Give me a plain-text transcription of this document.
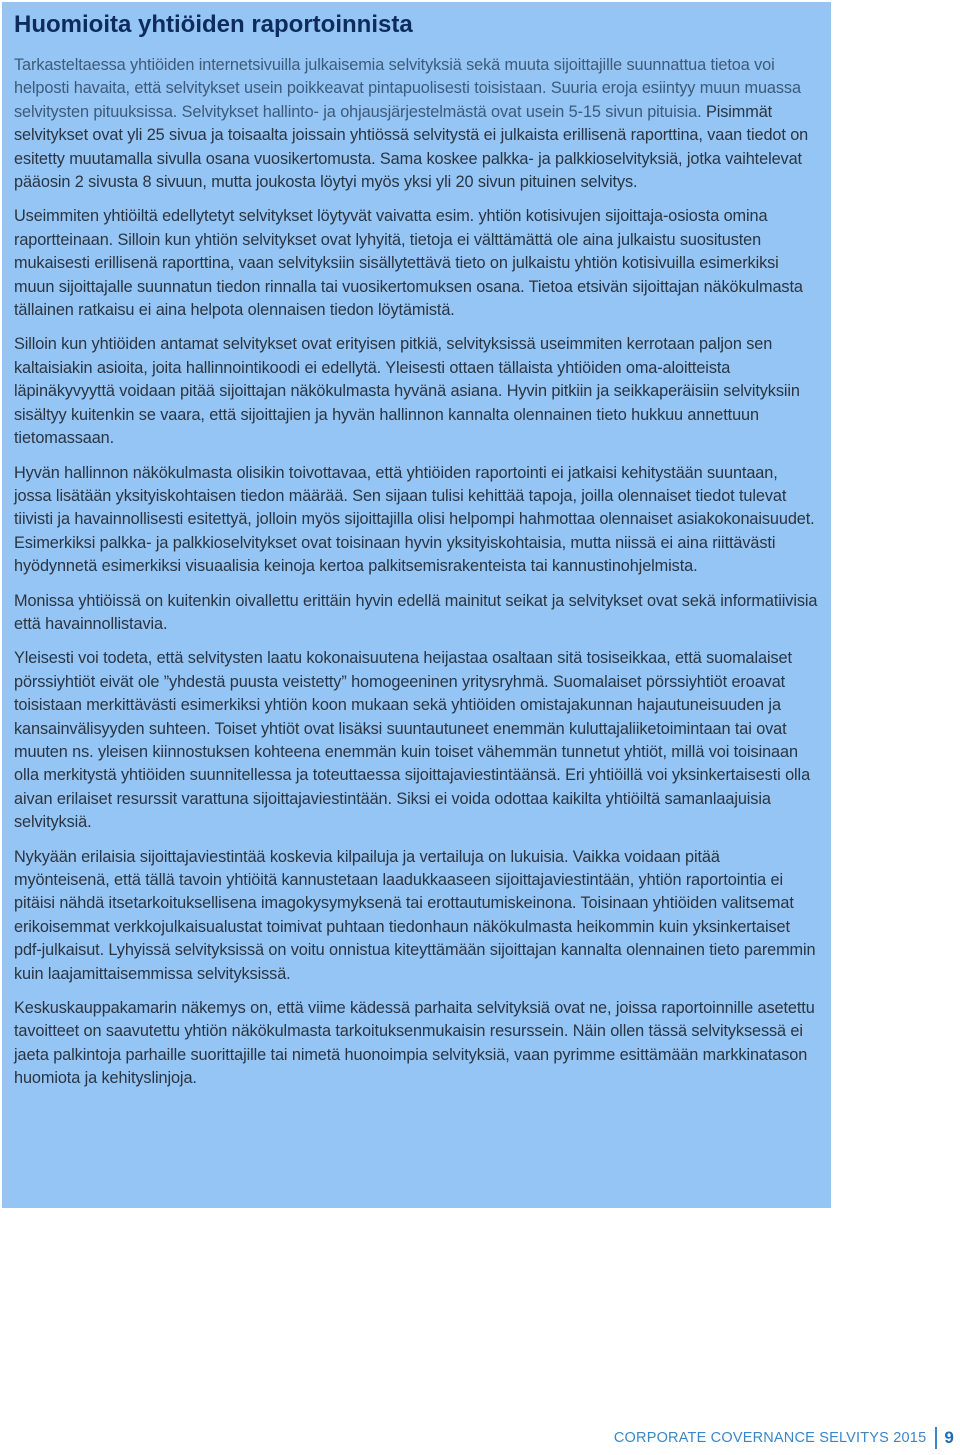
Huomioita yhtiöiden raportoinnista

Tarkasteltaessa yhtiöiden internetsivuilla julkaisemia selvityksiä sekä muuta sijoittajille suunnattua tietoa voi helposti havaita, että selvitykset usein poikkeavat pintapuolisesti toisistaan. Suuria eroja esiintyy muun muassa selvitysten pituuksissa. Selvitykset hallinto- ja ohjausjärjestelmästä ovat usein 5-15 sivun pituisia. Pisimmät selvitykset ovat yli 25 sivua ja toisaalta joissain yhtiössä selvitystä ei julkaista erillisenä raporttina, vaan tiedot on esitetty muutamalla sivulla osana vuosikertomusta. Sama koskee palkka- ja palkkioselvityksiä, jotka vaihtelevat pääosin 2 sivusta 8 sivuun, mutta joukosta löytyi myös yksi yli 20 sivun pituinen selvitys.

Useimmiten yhtiöiltä edellytetyt selvitykset löytyvät vaivatta esim. yhtiön kotisivujen sijoittaja-osiosta omina raportteinaan. Silloin kun yhtiön selvitykset ovat lyhyitä, tietoja ei välttämättä ole aina julkaistu suositusten mukaisesti erillisenä raporttina, vaan selvityksiin sisällytettävä tieto on julkaistu yhtiön kotisivuilla esimerkiksi muun sijoittajalle suunnatun tiedon rinnalla tai vuosikertomuksen osana. Tietoa etsivän sijoittajan näkökulmasta tällainen ratkaisu ei aina helpota olennaisen tiedon löytämistä.

Silloin kun yhtiöiden antamat selvitykset ovat erityisen pitkiä, selvityksissä useimmiten kerrotaan paljon sen kaltaisiakin asioita, joita hallinnointikoodi ei edellytä. Yleisesti ottaen tällaista yhtiöiden oma-aloitteista läpinäkyvyyttä voidaan pitää sijoittajan näkökulmasta hyvänä asiana. Hyvin pitkiin ja seikkaperäisiin selvityksiin sisältyy kuitenkin se vaara, että sijoittajien ja hyvän hallinnon kannalta olennainen tieto hukkuu annettuun tietomassaan.

Hyvän hallinnon näkökulmasta olisikin toivottavaa, että yhtiöiden raportointi ei jatkaisi kehitystään suuntaan, jossa lisätään yksityiskohtaisen tiedon määrää. Sen sijaan tulisi kehittää tapoja, joilla olennaiset tiedot tulevat tiivisti ja havainnollisesti esitettyä, jolloin myös sijoittajilla olisi helpompi hahmottaa olennaiset asiakokonaisuudet. Esimerkiksi palkka- ja palkkioselvitykset ovat toisinaan hyvin yksityiskohtaisia, mutta niissä ei aina riittävästi hyödynnetä esimerkiksi visuaalisia keinoja kertoa palkitsemisrakenteista tai kannustinohjelmista.

Monissa yhtiöissä on kuitenkin oivallettu erittäin hyvin edellä mainitut seikat ja selvitykset ovat sekä informatiivisia että havainnollistavia.

Yleisesti voi todeta, että selvitysten laatu kokonaisuutena heijastaa osaltaan sitä tosiseikkaa, että suomalaiset pörssiyhtiöt eivät ole ”yhdestä puusta veistetty” homogeeninen yritysryhmä. Suomalaiset pörssiyhtiöt eroavat toisistaan merkittävästi esimerkiksi yhtiön koon mukaan sekä yhtiöiden omistajakunnan hajautuneisuuden ja kansainvälisyyden suhteen. Toiset yhtiöt ovat lisäksi suuntautuneet enemmän kuluttajaliiketoimintaan tai ovat muuten ns. yleisen kiinnostuksen kohteena enemmän kuin toiset vähemmän tunnetut yhtiöt, millä voi toisinaan olla merkitystä yhtiöiden suunnitellessa ja toteuttaessa sijoittajaviestintäänsä. Eri yhtiöillä voi yksinkertaisesti olla aivan erilaiset resurssit varattuna sijoittajaviestintään. Siksi ei voida odottaa kaikilta yhtiöiltä samanlaajuisia selvityksiä.

Nykyään erilaisia sijoittajaviestintää koskevia kilpailuja ja vertailuja on lukuisia. Vaikka voidaan pitää myönteisenä, että tällä tavoin yhtiöitä kannustetaan laadukkaaseen sijoittajaviestintään, yhtiön raportointia ei pitäisi nähdä itsetarkoituksellisena imagokysymyksenä tai erottautumiskeinona. Toisinaan yhtiöiden valitsemat erikoisemmat verkkojulkaisualustat toimivat puhtaan tiedonhaun näkökulmasta heikommin kuin yksinkertaiset pdf-julkaisut. Lyhyissä selvityksissä on voitu onnistua kiteyttämään sijoittajan kannalta olennainen tieto paremmin kuin laajamittaisemmissa selvityksissä.

Keskuskauppakamarin näkemys on, että viime kädessä parhaita selvityksiä ovat ne, joissa raportoinnille asetettu tavoitteet on saavutettu yhtiön näkökulmasta tarkoituksenmukaisin resurssein. Näin ollen tässä selvityksessä ei jaeta palkintoja parhaille suorittajille tai nimetä huonoimpia selvityksiä, vaan pyrimme esittämään markkinatason huomiota ja kehityslinjoja.

CORPORATE COVERNANCE SELVITYS 2015 9
